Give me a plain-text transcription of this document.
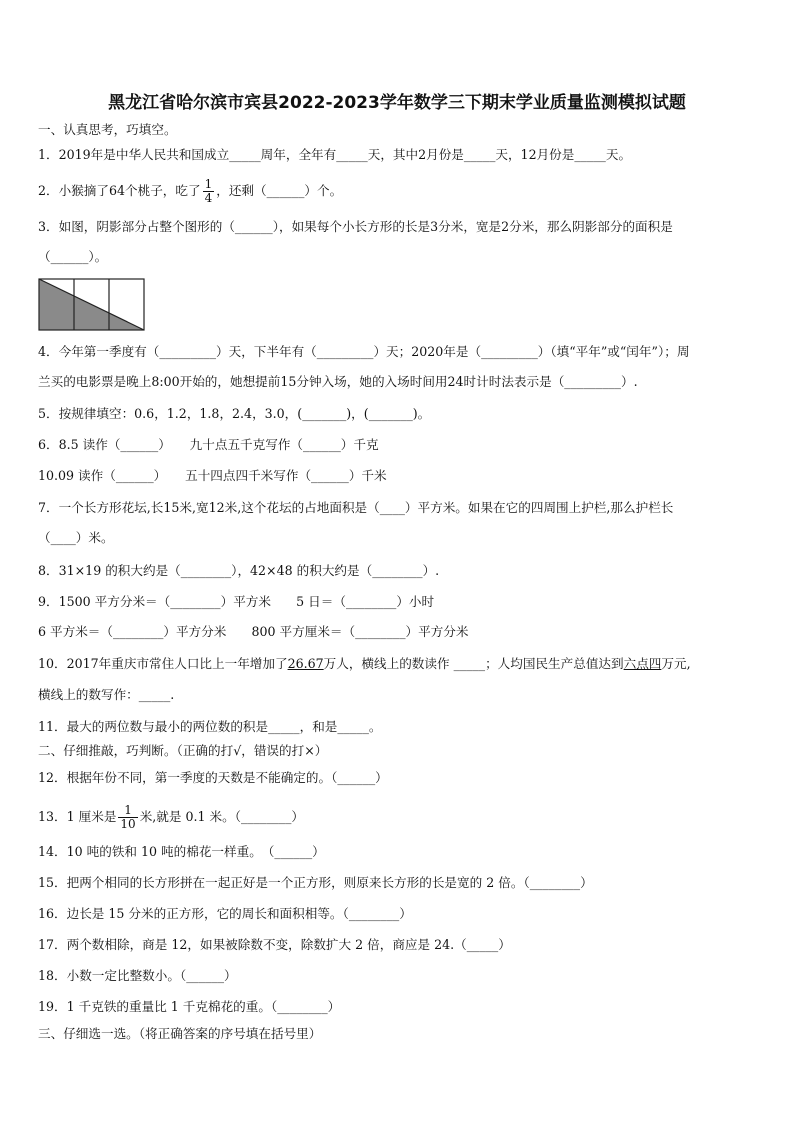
黑龙江省哈尔滨市宾县2022-2023学年数学三下期末学业质量监测模拟试题
一、认真思考，巧填空。
1．2019年是中华人民共和国成立_____周年，全年有_____天，其中2月份是_____天，12月份是_____天。
2．小猴摘了64个桃子，吃了 $\frac{1}{4}$ ，还剩（______）个。
3．如图，阴影部分占整个图形的（______），如果每个小长方形的长是3分米，宽是2分米，那么阴影部分的面积是
（______）。
4．今年第一季度有（_________）天，下半年有（_________）天；2020年是（_________）（填“平年”或“闰年”）；周
兰买的电影票是晚上8:00开始的，她想提前15分钟入场，她的入场时间用24时计时法表示是（_________）.
5．按规律填空：0.6，1.2，1.8，2.4，3.0，(_______)，(_______)。
6．8.5 读作（______）　　九十点五千克写作（______）千克
10.09 读作（______）　　五十四点四千米写作（______）千米
7．一个长方形花坛,长15米,宽12米,这个花坛的占地面积是（____）平方米。如果在它的四周围上护栏,那么护栏长
（____）米。
8．31×19 的积大约是（________），42×48 的积大约是（________）.
9．1500 平方分米＝（________）平方米　　5 日＝（________）小时
6 平方米＝（________）平方分米　　800 平方厘米＝（________）平方分米
10．2017年重庆市常住人口比上一年增加了26.67万人，横线上的数读作 _____；人均国民生产总值达到六点四万元,
横线上的数写作：_____.
11．最大的两位数与最小的两位数的积是_____，和是_____。
二、仔细推敲，巧判断。（正确的打√，错误的打×）
12．根据年份不同，第一季度的天数是不能确定的。（______）
13．1 厘米是 $\frac{1}{10}$ 米,就是 0.1 米。（________）
14．10 吨的铁和 10 吨的棉花一样重。　（______）
15．把两个相同的长方形拼在一起正好是一个正方形，则原来长方形的长是宽的 2 倍。（________）
16．边长是 15 分米的正方形，它的周长和面积相等。（________）
17．两个数相除，商是 12，如果被除数不变，除数扩大 2 倍，商应是 24.（_____）
18．小数一定比整数小。（______）
19．1 千克铁的重量比 1 千克棉花的重。（________）
三、仔细选一选。（将正确答案的序号填在括号里）
